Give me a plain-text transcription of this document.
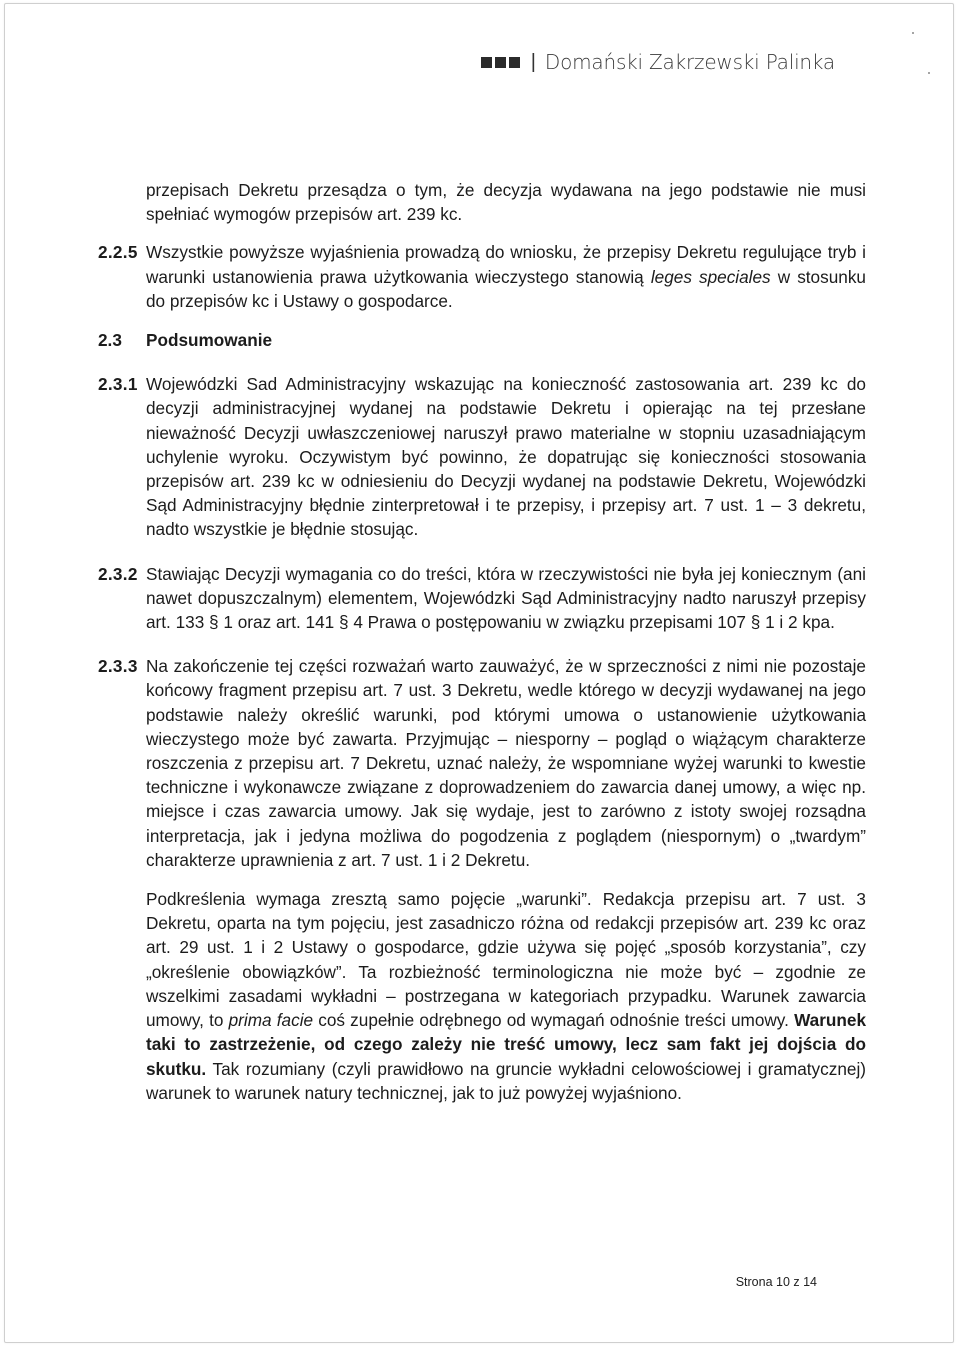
| Domański Zakrzewski Palinka

przepisach Dekretu przesądza o tym, że decyzja wydawana na jego podstawie nie musi spełniać wymogów przepisów art. 239 kc.

2.2.5 Wszystkie powyższe wyjaśnienia prowadzą do wniosku, że przepisy Dekretu regulujące tryb i warunki ustanowienia prawa użytkowania wieczystego stanowią leges speciales w stosunku do przepisów kc i Ustawy o gospodarce.

2.3 Podsumowanie
2.3.1 Wojewódzki Sad Administracyjny wskazując na konieczność zastosowania art. 239 kc do decyzji administracyjnej wydanej na podstawie Dekretu i opierając na tej przesłane nieważność Decyzji uwłaszczeniowej naruszył prawo materialne w stopniu uzasadniającym uchylenie wyroku. Oczywistym być powinno, że dopatrując się konieczności stosowania przepisów art. 239 kc w odniesieniu do Decyzji wydanej na podstawie Dekretu, Wojewódzki Sąd Administracyjny błędnie zinterpretował i te przepisy, i przepisy art. 7 ust. 1 – 3 dekretu, nadto wszystkie je błędnie stosując.

2.3.2 Stawiając Decyzji wymagania co do treści, która w rzeczywistości nie była jej koniecznym (ani nawet dopuszczalnym) elementem, Wojewódzki Sąd Administracyjny nadto naruszył przepisy art. 133 § 1 oraz art. 141 § 4 Prawa o postępowaniu w związku przepisami 107 § 1 i 2 kpa.

2.3.3 Na zakończenie tej części rozważań warto zauważyć, że w sprzeczności z nimi nie pozostaje końcowy fragment przepisu art. 7 ust. 3 Dekretu, wedle którego w decyzji wydawanej na jego podstawie należy określić warunki, pod którymi umowa o ustanowienie użytkowania wieczystego może być zawarta. Przyjmując – niesporny – pogląd o wiążącym charakterze roszczenia z przepisu art. 7 Dekretu, uznać należy, że wspomniane wyżej warunki to kwestie techniczne i wykonawcze związane z doprowadzeniem do zawarcia danej umowy, a więc np. miejsce i czas zawarcia umowy. Jak się wydaje, jest to zarówno z istoty swojej rozsądna interpretacja, jak i jedyna możliwa do pogodzenia z poglądem (niespornym) o „twardym” charakterze uprawnienia z art. 7 ust. 1 i 2 Dekretu.

Podkreślenia wymaga zresztą samo pojęcie „warunki”. Redakcja przepisu art. 7 ust. 3 Dekretu, oparta na tym pojęciu, jest zasadniczo różna od redakcji przepisów art. 239 kc oraz art. 29 ust. 1 i 2 Ustawy o gospodarce, gdzie używa się pojęć „sposób korzystania”, czy „określenie obowiązków”. Ta rozbieżność terminologiczna nie może być – zgodnie ze wszelkimi zasadami wykładni – postrzegana w kategoriach przypadku. Warunek zawarcia umowy, to prima facie coś zupełnie odrębnego od wymagań odnośnie treści umowy. Warunek taki to zastrzeżenie, od czego zależy nie treść umowy, lecz sam fakt jej dojścia do skutku. Tak rozumiany (czyli prawidłowo na gruncie wykładni celowościowej i gramatycznej) warunek to warunek natury technicznej, jak to już powyżej wyjaśniono.

Strona 10 z 14
